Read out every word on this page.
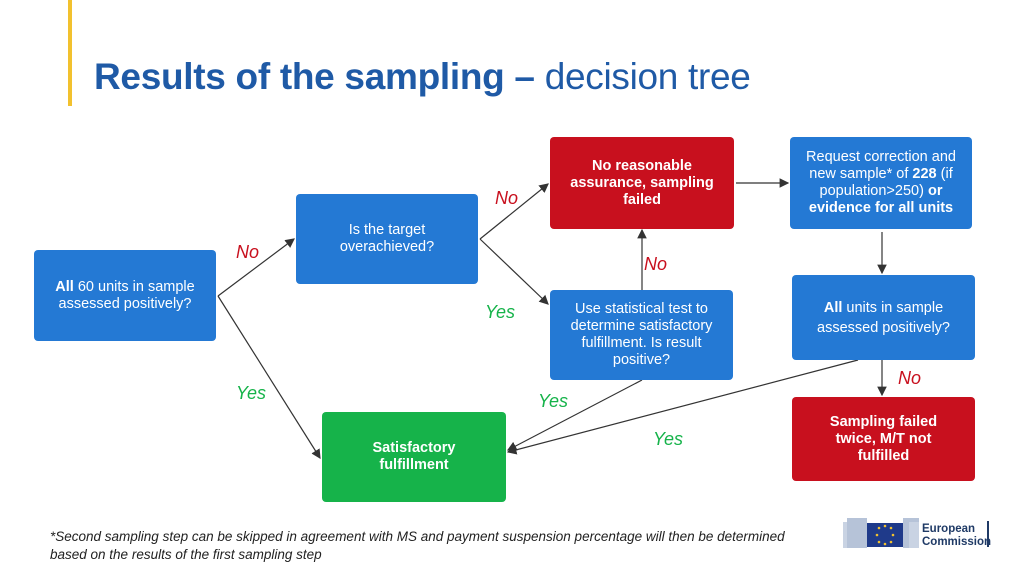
Results of the sampling – decision tree
All 60 units in sample assessed positively?
Is the target overachieved?
No reasonable assurance, sampling failed
Request correction and new sample* of 228 (if population>250) or evidence for all units
Use statistical test to determine satisfactory fulfillment. Is result positive?
All units in sample assessed positively?
Satisfactory fulfillment
Sampling failed twice, M/T not fulfilled
No
Yes
No
Yes
No
Yes
No
Yes
*Second sampling step can be skipped in agreement with MS and payment suspension percentage will then be determined based on the results of the first sampling step
European
Commission
